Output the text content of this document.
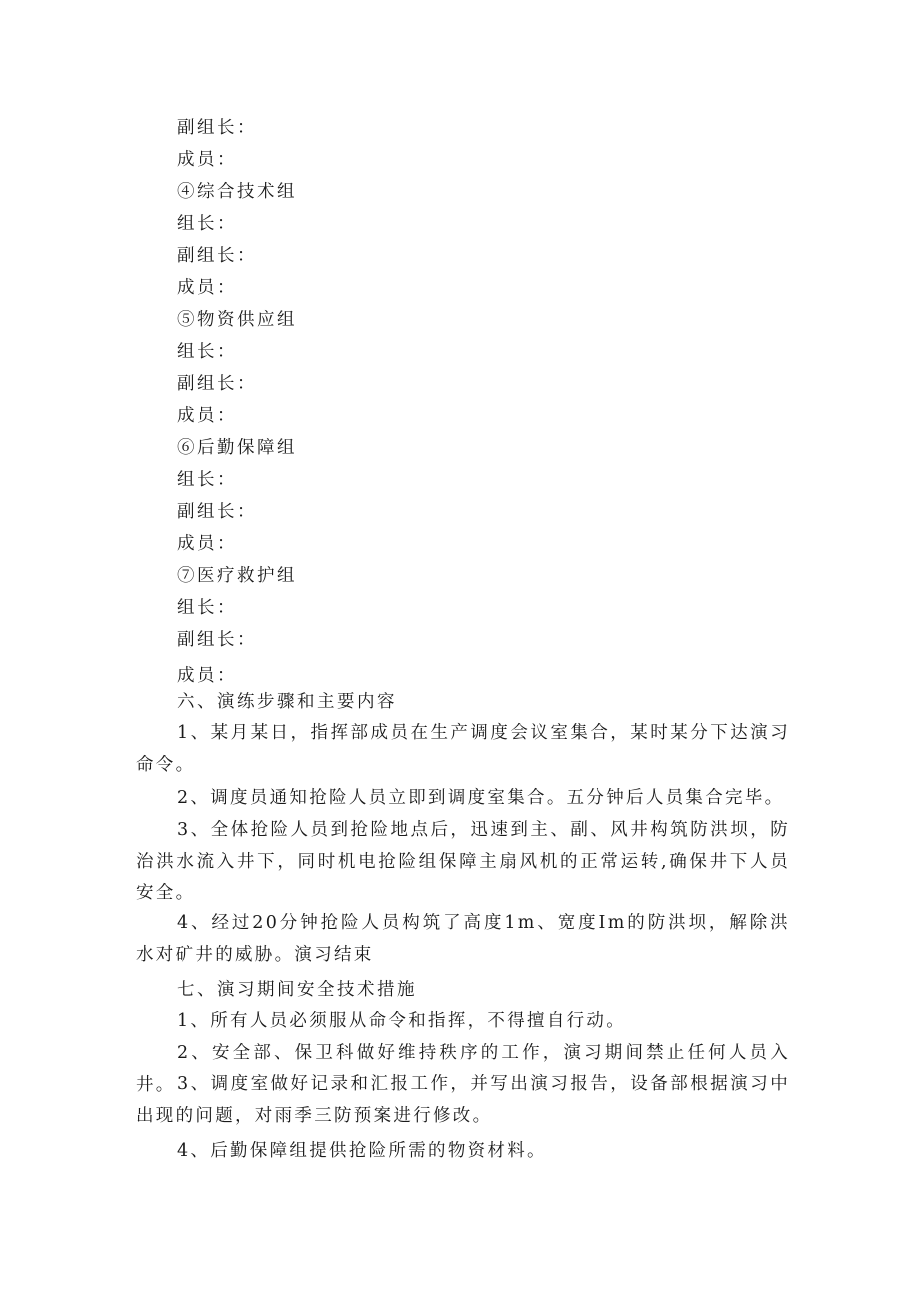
副组长：

成员：

④综合技术组

组长：

副组长：

成员：

⑤物资供应组

组长：

副组长：

成员：

⑥后勤保障组

组长：

副组长：

成员：

⑦医疗救护组

组长：

副组长：

成员：

六、演练步骤和主要内容

1、某月某日，指挥部成员在生产调度会议室集合，某时某分下达演习命令。

2、调度员通知抢险人员立即到调度室集合。五分钟后人员集合完毕。

3、全体抢险人员到抢险地点后，迅速到主、副、风井构筑防洪坝，防治洪水流入井下，同时机电抢险组保障主扇风机的正常运转,确保井下人员安全。

4、经过20分钟抢险人员构筑了高度1m、宽度Im的防洪坝，解除洪水对矿井的威胁。演习结束

七、演习期间安全技术措施

1、所有人员必须服从命令和指挥，不得擅自行动。

2、安全部、保卫科做好维持秩序的工作，演习期间禁止任何人员入井。 3、调度室做好记录和汇报工作，并写出演习报告，设备部根据演习中出现的问题，对雨季三防预案进行修改。

4、后勤保障组提供抢险所需的物资材料。
